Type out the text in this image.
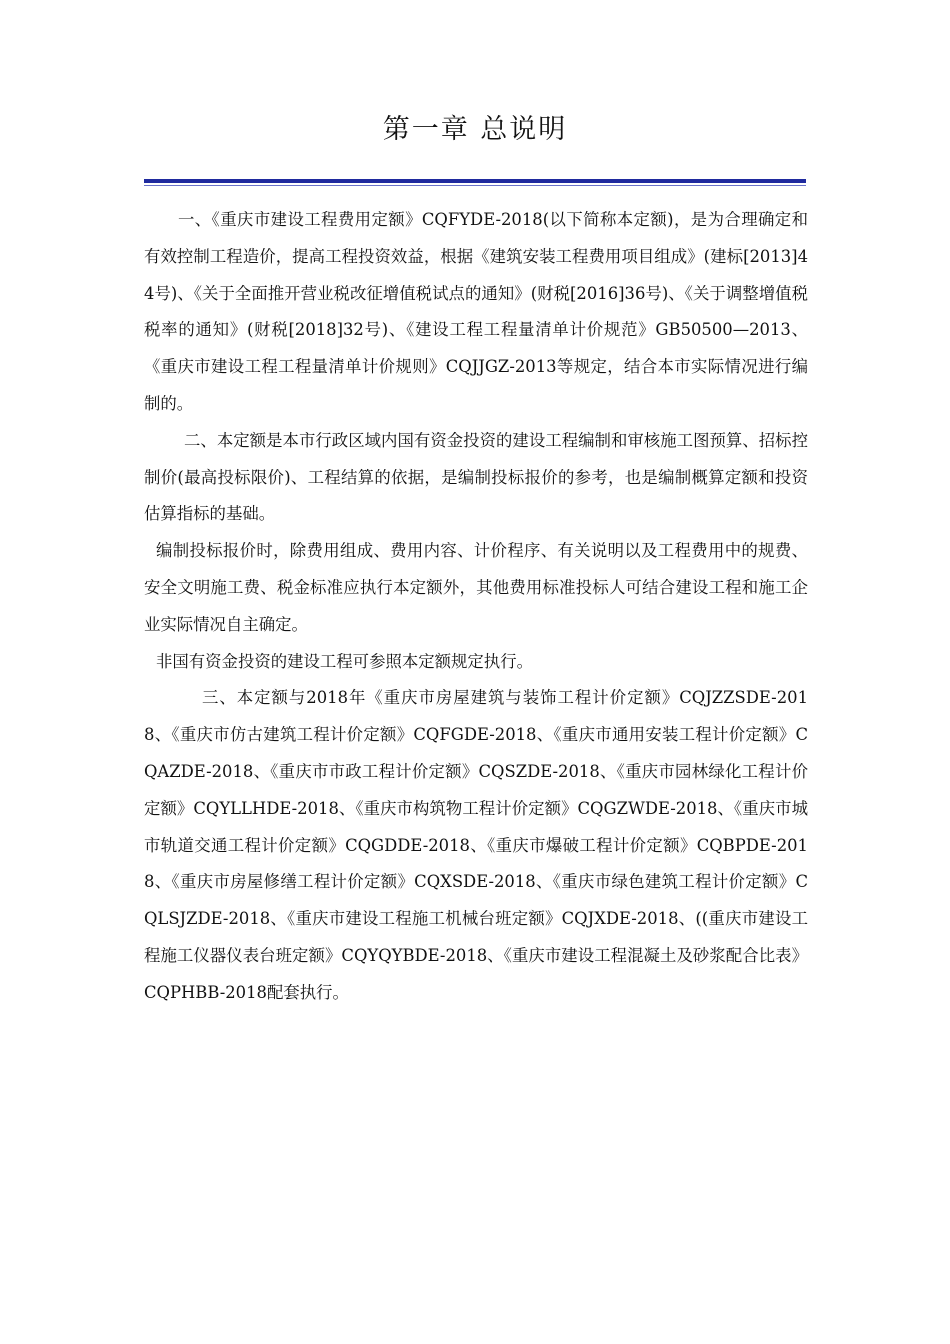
第一章 总说明

一、《重庆市建设工程费用定额》CQFYDE-2018(以下简称本定额)，是为合理确定和有效控制工程造价，提高工程投资效益，根据《建筑安装工程费用项目组成》(建标[2013]44号)、《关于全面推开营业税改征增值税试点的通知》(财税[2016]36号)、《关于调整增值税税率的通知》(财税[2018]32号)、《建设工程工程量清单计价规范》GB50500—2013、《重庆市建设工程工程量清单计价规则》CQJJGZ-2013等规定，结合本市实际情况进行编制的。

二、本定额是本市行政区域内国有资金投资的建设工程编制和审核施工图预算、招标控制价(最高投标限价)、工程结算的依据，是编制投标报价的参考，也是编制概算定额和投资估算指标的基础。

编制投标报价时，除费用组成、费用内容、计价程序、有关说明以及工程费用中的规费、安全文明施工费、税金标准应执行本定额外，其他费用标准投标人可结合建设工程和施工企业实际情况自主确定。

非国有资金投资的建设工程可参照本定额规定执行。

三、本定额与2018年《重庆市房屋建筑与装饰工程计价定额》CQJZZSDE-2018、《重庆市仿古建筑工程计价定额》CQFGDE-2018、《重庆市通用安装工程计价定额》CQAZDE-2018、《重庆市市政工程计价定额》CQSZDE-2018、《重庆市园林绿化工程计价定额》CQYLLHDE-2018、《重庆市构筑物工程计价定额》CQGZWDE-2018、《重庆市城市轨道交通工程计价定额》CQGDDE-2018、《重庆市爆破工程计价定额》CQBPDE-2018、《重庆市房屋修缮工程计价定额》CQXSDE-2018、《重庆市绿色建筑工程计价定额》CQLSJZDE-2018、《重庆市建设工程施工机械台班定额》CQJXDE-2018、((重庆市建设工程施工仪器仪表台班定额》CQYQYBDE-2018、《重庆市建设工程混凝土及砂浆配合比表》CQPHBB-2018配套执行。
